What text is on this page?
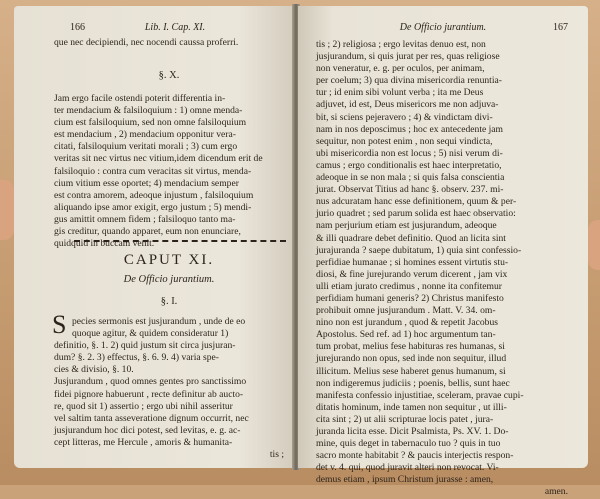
166	Lib. I. Cap. XI.
que nec decipiendi, nec nocendi caussa proferri.
§. X.
Jam ergo facile ostendi poterit differentia in-
ter mendacium & falsiloquium : 1) omne menda-
cium est falsiloquium, sed non omne falsiloquium
est mendacium , 2) mendacium opponitur vera-
citati, falsiloquium veritati morali ; 3) cum ergo
veritas sit nec virtus nec vitium,idem dicendum erit de
falsiloquio : contra cum veracitas sit virtus, menda-
cium vitium esse oportet; 4) mendacium semper
est contra amorem, adeoque injustum , falsiloquium
aliquando ipse amor exigit, ergo justum ; 5) mendi-
gus amittit omnem fidem ; falsiloquo tanto ma-
gis creditur, quando apparet, eum non enunciare,
quidquid in buccam venit.
CAPUT XI.
De Officio jurantium.
§. I.
S pecies sermonis est jusjurandum , unde de eo
quoque agitur, & quidem consideratur 1)
definitio, §. 1. 2) quid justum sit circa jusjuran-
dum? §. 2. 3) effectus, §. 6. 9. 4) varia spe-
cies & divisio, §. 10.
Jusjurandum , quod omnes gentes pro sanctissimo
fidei pignore habuerunt , recte definitur ab aucto-
re, quod sit 1) assertio ; ergo ubi nihil asseritur
vel saltim tanta asseveratione dignum occurrit, nec
jusjurandum hoc dici potest, sed levitas, e. g. ac-
cept litteras, me Hercule , amoris & humanita-
tis ;
De Officio jurantium.	167
tis ; 2) religiosa ; ergo levitas denuo est, non
jusjurandum, si quis jurat per res, quas religiose
non veneratur, e. g. per oculos, per animam,
per coelum; 3) qua divina misericordia renuntia-
tur ; id enim sibi volunt verba ; ita me Deus
adjuvet, id est, Deus misericors me non adjuva-
bit, si sciens pejeravero ; 4) & vindictam divi-
nam in nos deposcimus ; hoc ex antecedente jam
sequitur, non potest enim , non sequi vindicta,
ubi misericordia non est locus ; 5) nisi verum di-
camus ; ergo conditionalis est haec interpretatio,
adeoque in se non mala ; si quis falsa conscientia
jurat. Observat Titius ad hanc §. observ. 237. mi-
nus adcuratam hanc esse definitionem, quum & per-
jurio quadret ; sed parum solida est haec observatio:
nam perjurium etiam est jusjurandum, adeoque
& illi quadrare debet definitio. Quod an licita sint
jurajuranda ? saepe dubitatum, 1) quia sint confessio-
perfidiae humanae ; si homines essent virtutis stu-
diosi, & fine jurejurando verum dicerent , jam vix
ulli etiam jurato credimus , nonne ita confitemur
perfidiam humani generis? 2) Christus manifesto
prohibuit omne jusjurandum . Matt. V. 34. om-
nino non est jurandum , quod & repetit Jacobus
Apostolus. Sed ref. ad 1) hoc argumentum tan-
tum probat, melius fese habituras res humanas, si
jurejurando non opus, sed inde non sequitur, illud
illicitum. Melius sese haberet genus humanum, si
non indigeremus judiciis ; poenis, bellis, sunt haec
manifesta confessio injustitiae, sceleram, pravae cupi-
ditatis hominum, inde tamen non sequitur , ut illi-
cita sint ; 2) ut alii scripturae locis patet , jura-
juranda licita esse. Dicit Psalmista, Ps. XV. 1. Do-
mine, quis deget in tabernaculo tuo ? quis in tuo
sacro monte habitabit ? & paucis interjectis respon-
det v. 4. qui, quod juravit alteri non revocat. Vi-
demus etiam , ipsum Christum jurasse : amen,
amen.
